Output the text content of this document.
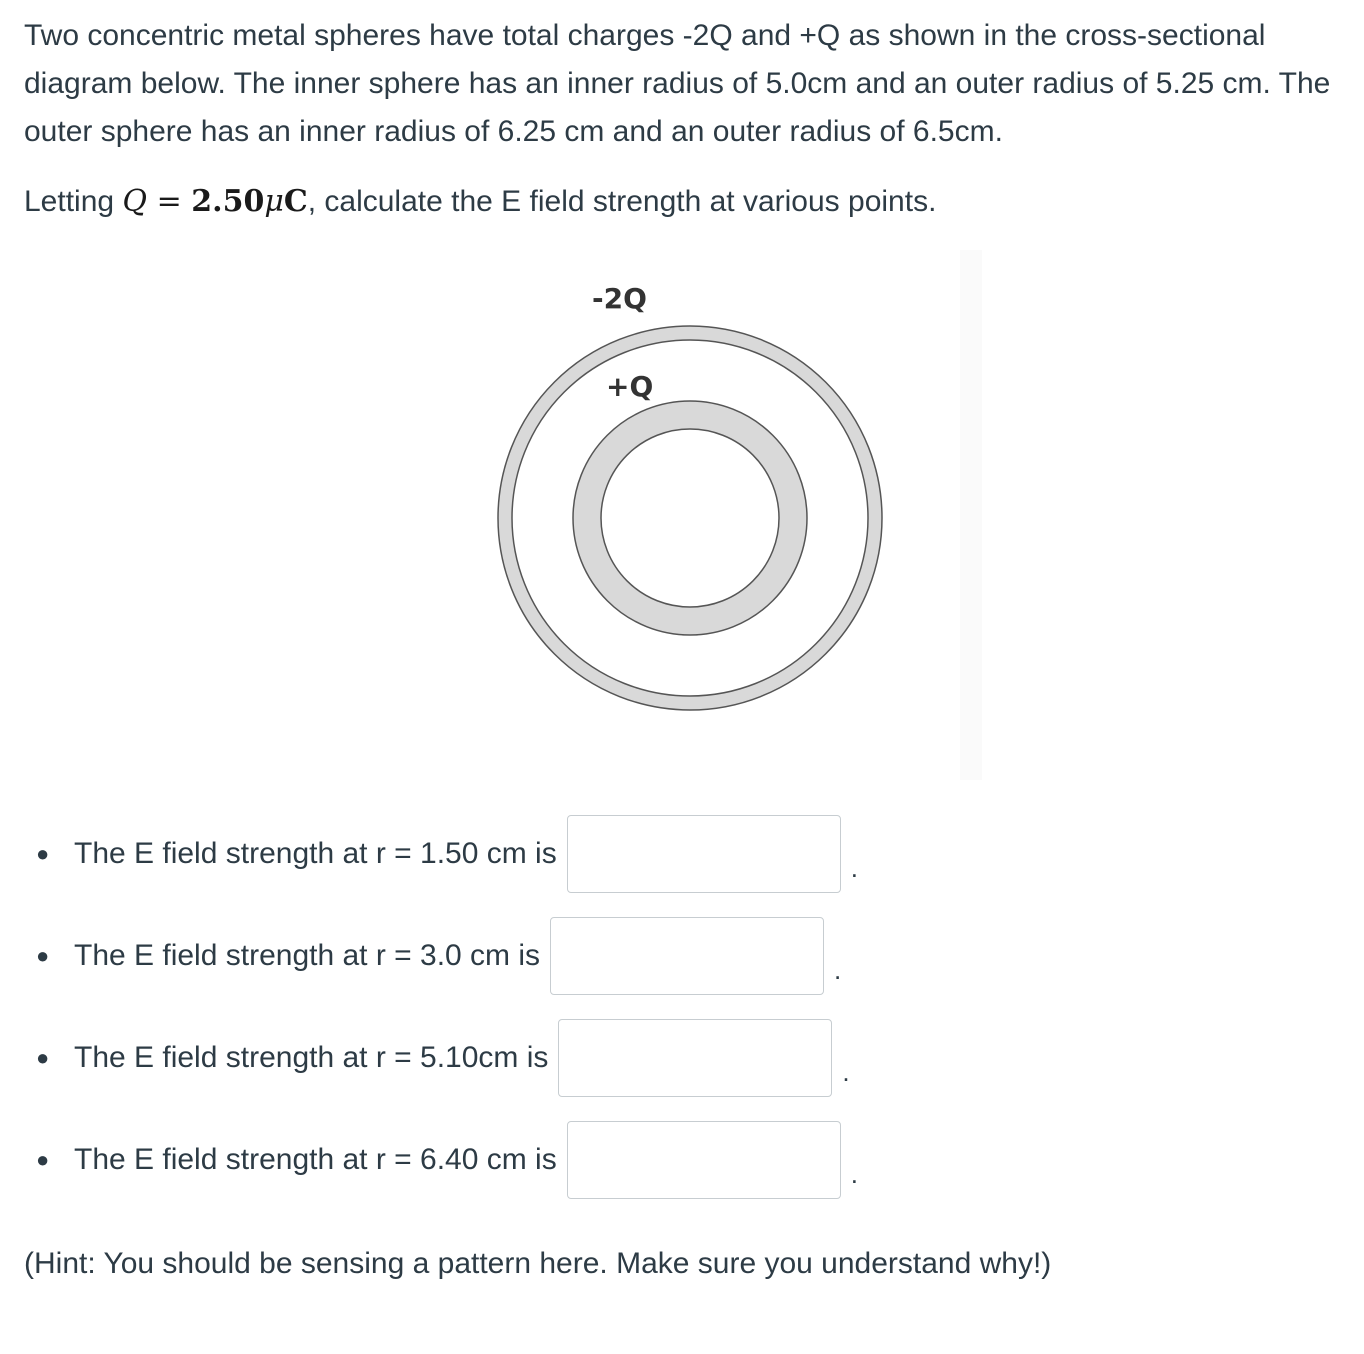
Two concentric metal spheres have total charges -2Q and +Q as shown in the cross-sectional diagram below. The inner sphere has an inner radius of 5.0cm and an outer radius of 5.25 cm. The outer sphere has an inner radius of 6.25 cm and an outer radius of 6.5cm.

Letting Q = 2.50μC, calculate the E field strength at various points.

-2Q
+Q
● The E field strength at r = 1.50 cm is	.
● The E field strength at r = 3.0 cm is	.
● The E field strength at r = 5.10cm is	.
● The E field strength at r = 6.40 cm is	.

(Hint: You should be sensing a pattern here. Make sure you understand why!)
